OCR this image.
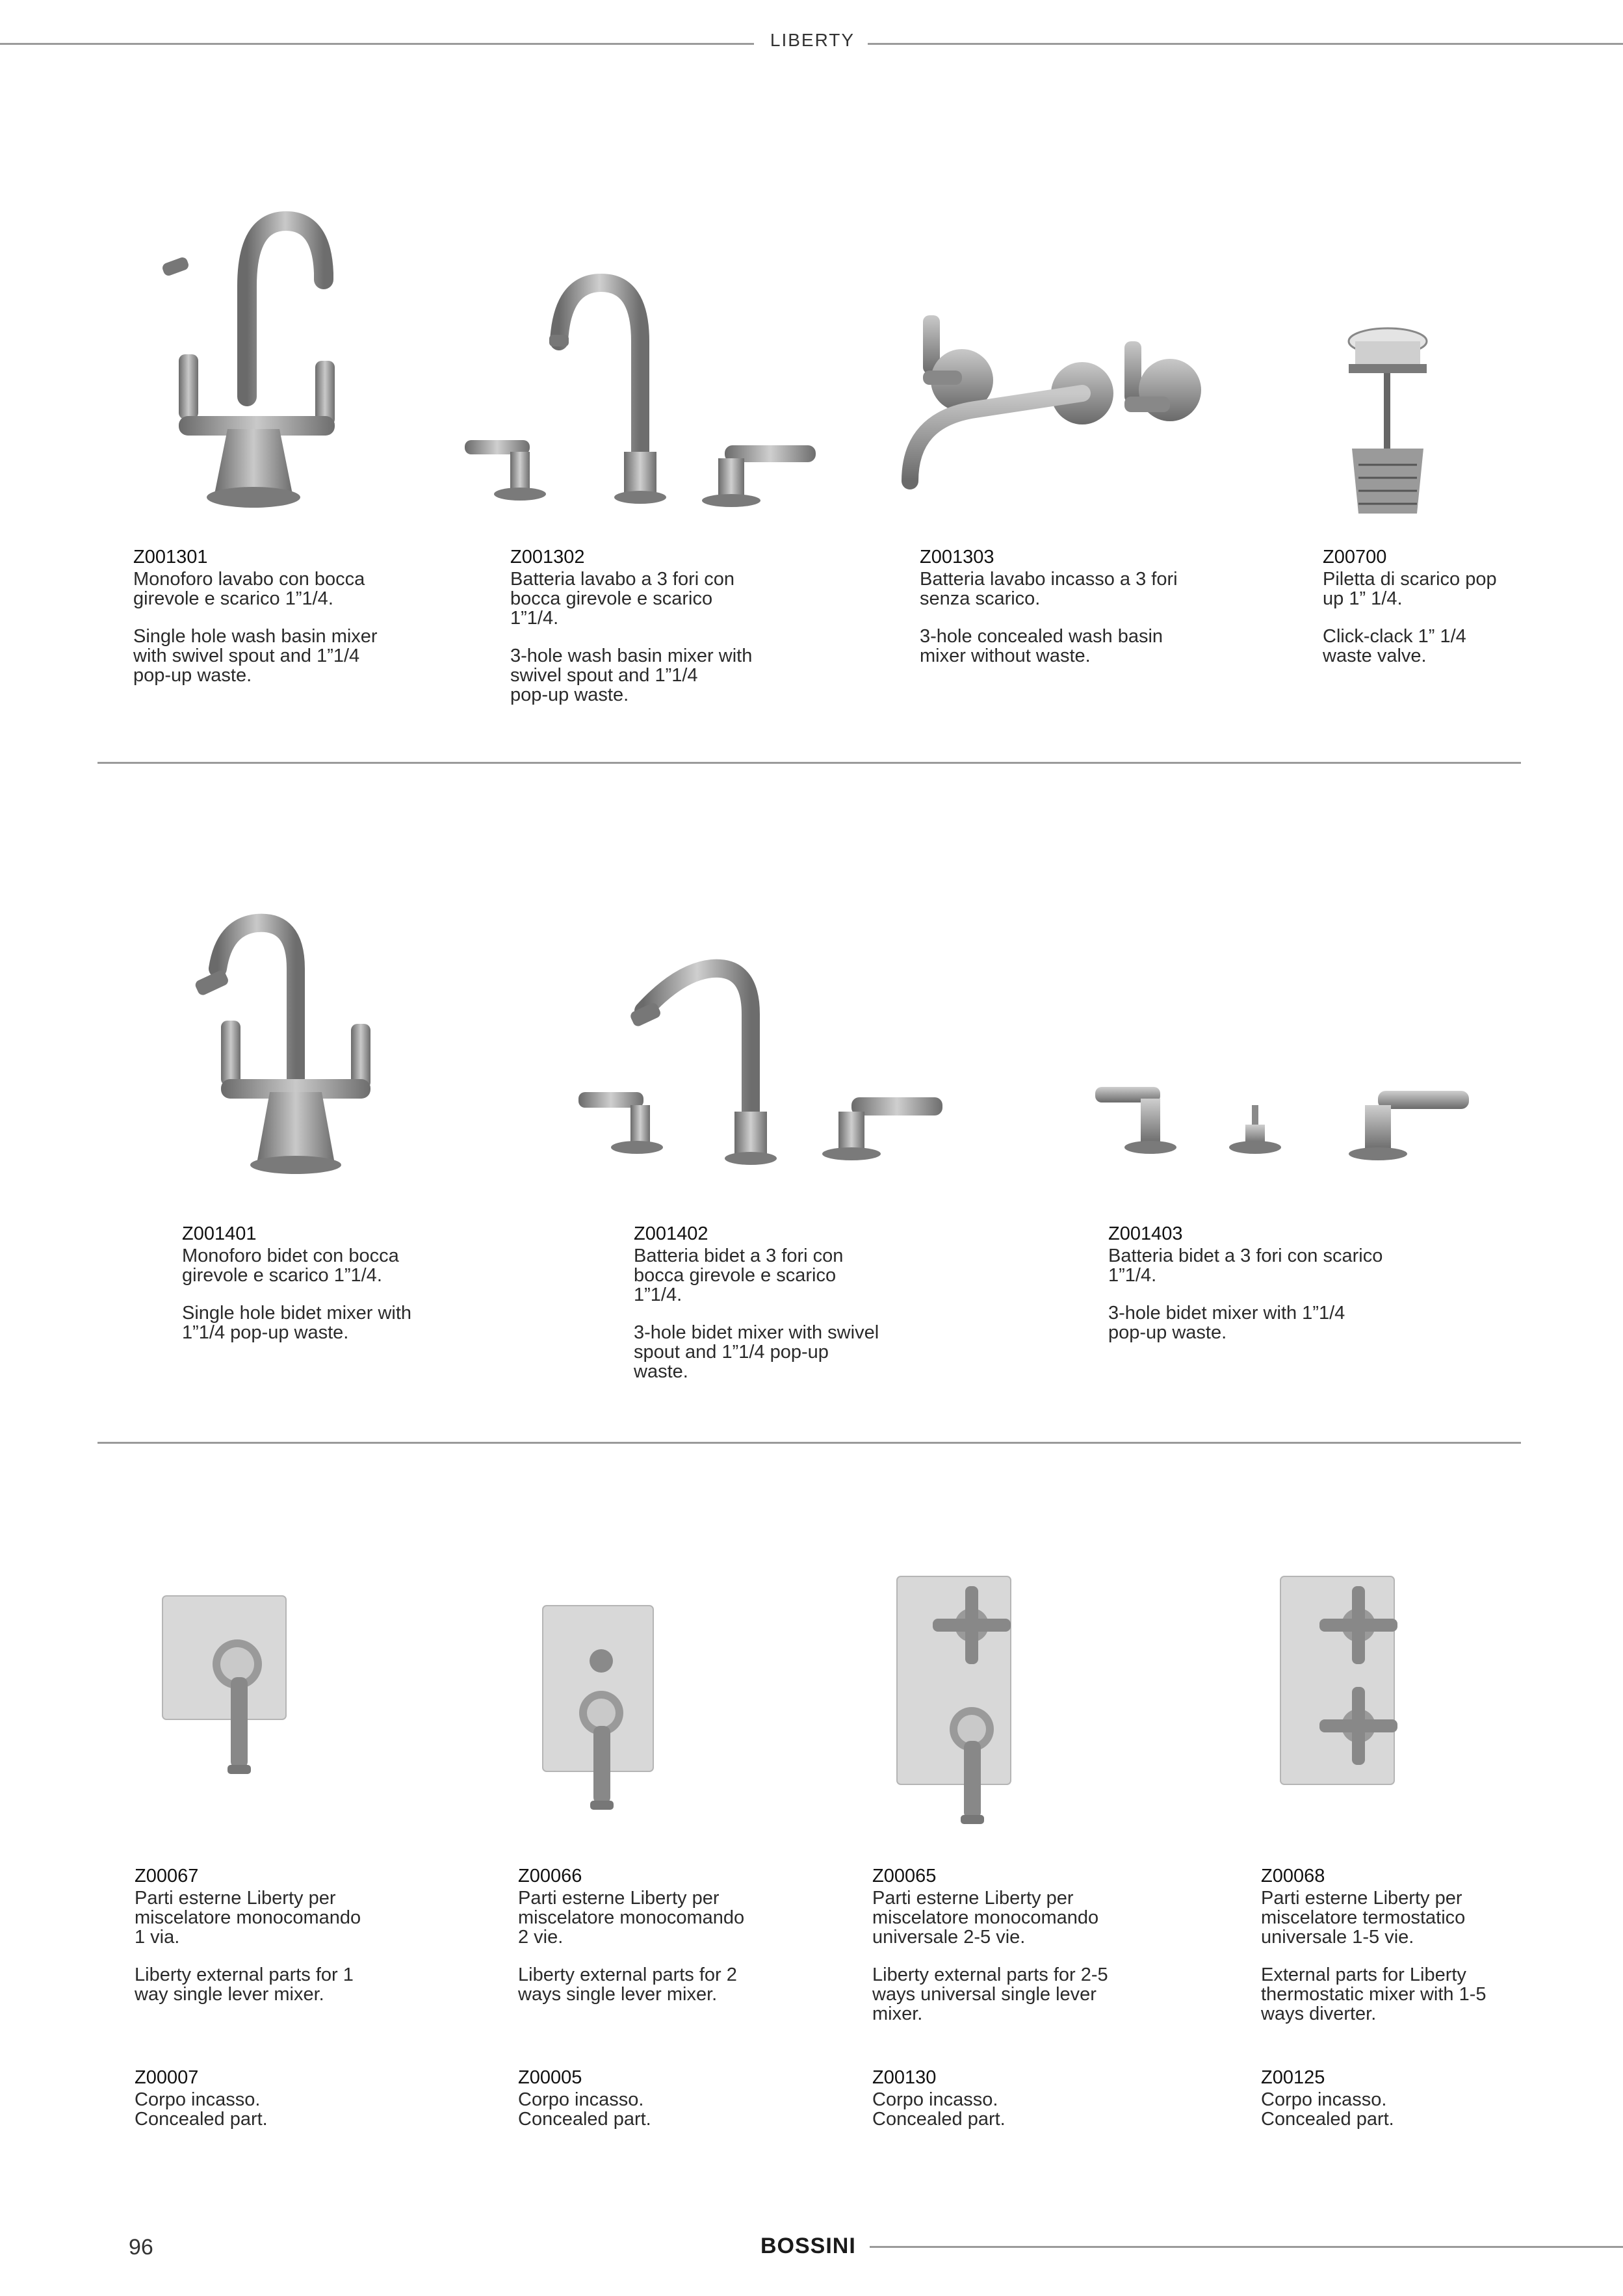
LIBERTY
Z001301
Monoforo lavabo con bocca
girevole e scarico 1”1/4.
Single hole wash basin mixer
with swivel spout and 1”1/4
pop-up waste.
Z001302
Batteria lavabo a 3 fori con
bocca girevole e scarico
1”1/4.
3-hole wash basin mixer with
swivel spout and 1”1/4
pop-up waste.
Z001303
Batteria lavabo incasso a 3 fori
senza scarico.
3-hole concealed wash basin
mixer without waste.
Z00700
Piletta di scarico pop
up 1” 1/4.
Click-clack 1” 1/4
waste valve.
Z001401
Monoforo bidet con bocca
girevole e scarico 1”1/4.
Single hole bidet mixer with
1”1/4 pop-up waste.
Z001402
Batteria bidet a 3 fori con
bocca girevole e scarico
1”1/4.
3-hole bidet mixer with swivel
spout and 1”1/4 pop-up
waste.
Z001403
Batteria bidet a 3 fori con scarico
1”1/4.
3-hole bidet mixer with 1”1/4
pop-up waste.
Z00067
Parti esterne Liberty per
miscelatore monocomando
1 via.
Liberty external parts for 1
way single lever mixer.
Z00066
Parti esterne Liberty per
miscelatore monocomando
2 vie.
Liberty external parts for 2
ways single lever mixer.
Z00065
Parti esterne Liberty per
miscelatore monocomando
universale 2-5 vie.
Liberty external parts for 2-5
ways universal single lever
mixer.
Z00068
Parti esterne Liberty per
miscelatore termostatico
universale 1-5 vie.
External parts for Liberty
thermostatic mixer with 1-5
ways diverter.
Z00007
Corpo incasso.
Concealed part.
Z00005
Corpo incasso.
Concealed part.
Z00130
Corpo incasso.
Concealed part.
Z00125
Corpo incasso.
Concealed part.
96	BOSSINI
